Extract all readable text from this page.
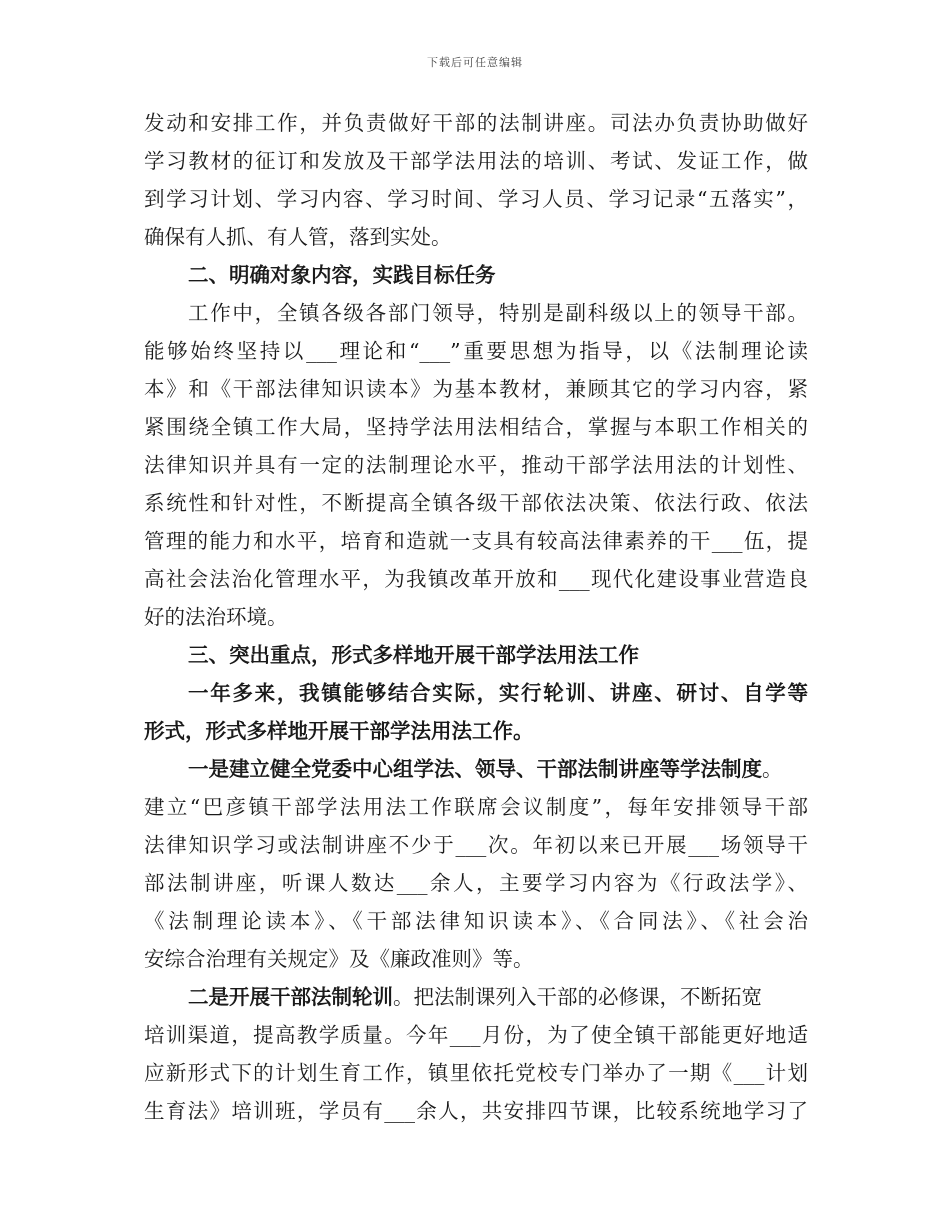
下载后可任意编辑
发动和安排工作，并负责做好干部的法制讲座。司法办负责协助做好
学习教材的征订和发放及干部学法用法的培训、考试、发证工作，做
到学习计划、学习内容、学习时间、学习人员、学习记录“五落实”，
确保有人抓、有人管，落到实处。
二、明确对象内容，实践目标任务
工作中，全镇各级各部门领导，特别是副科级以上的领导干部。
能够始终坚持以___理论和“___”重要思想为指导，以《法制理论读
本》和《干部法律知识读本》为基本教材，兼顾其它的学习内容，紧
紧围绕全镇工作大局，坚持学法用法相结合，掌握与本职工作相关的
法律知识并具有一定的法制理论水平，推动干部学法用法的计划性、
系统性和针对性，不断提高全镇各级干部依法决策、依法行政、依法
管理的能力和水平，培育和造就一支具有较高法律素养的干___伍，提
高社会法治化管理水平，为我镇改革开放和___现代化建设事业营造良
好的法治环境。
三、突出重点，形式多样地开展干部学法用法工作
一年多来，我镇能够结合实际，实行轮训、讲座、研讨、自学等
形式，形式多样地开展干部学法用法工作。
一是建立健全党委中心组学法、领导、干部法制讲座等学法制度。
建立“巴彦镇干部学法用法工作联席会议制度”，每年安排领导干部
法律知识学习或法制讲座不少于___次。年初以来已开展___场领导干
部法制讲座，听课人数达___余人，主要学习内容为《行政法学》、
《法制理论读本》、《干部法律知识读本》、《合同法》、《社会治
安综合治理有关规定》及《廉政准则》等。
二是开展干部法制轮训。把法制课列入干部的必修课，不断拓宽
培训渠道，提高教学质量。今年___月份，为了使全镇干部能更好地适
应新形式下的计划生育工作，镇里依托党校专门举办了一期《___计划
生育法》培训班，学员有___余人，共安排四节课，比较系统地学习了
